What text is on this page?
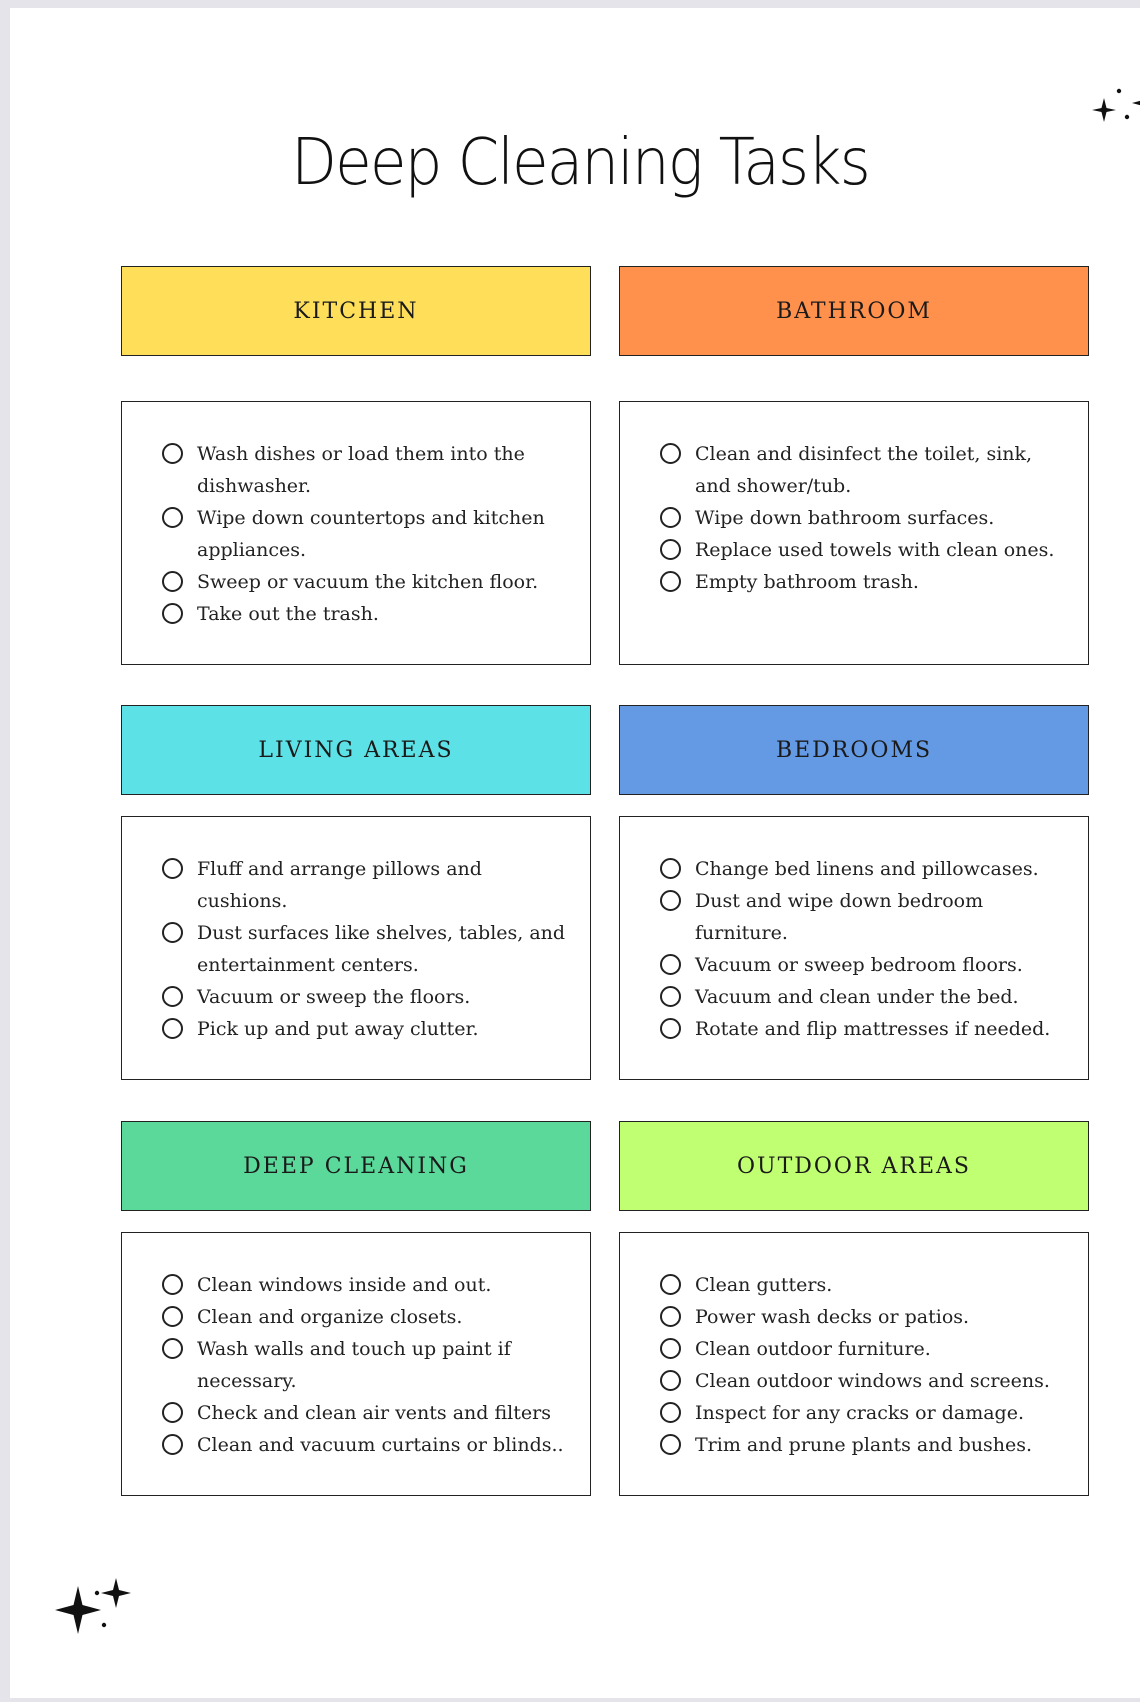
Deep Cleaning Tasks
KITCHEN	BATHROOM
Wash dishes or load them into the dishwasher.
Wipe down countertops and kitchen appliances.
Sweep or vacuum the kitchen floor.
Take out the trash.
Clean and disinfect the toilet, sink, and shower/tub.
Wipe down bathroom surfaces.
Replace used towels with clean ones.
Empty bathroom trash.
LIVING AREAS	BEDROOMS
Fluff and arrange pillows and cushions.
Dust surfaces like shelves, tables, and entertainment centers.
Vacuum or sweep the floors.
Pick up and put away clutter.
Change bed linens and pillowcases.
Dust and wipe down bedroom furniture.
Vacuum or sweep bedroom floors.
Vacuum and clean under the bed.
Rotate and flip mattresses if needed.
DEEP CLEANING	OUTDOOR AREAS
Clean windows inside and out.
Clean and organize closets.
Wash walls and touch up paint if necessary.
Check and clean air vents and filters
Clean and vacuum curtains or blinds..
Clean gutters.
Power wash decks or patios.
Clean outdoor furniture.
Clean outdoor windows and screens.
Inspect for any cracks or damage.
Trim and prune plants and bushes.
